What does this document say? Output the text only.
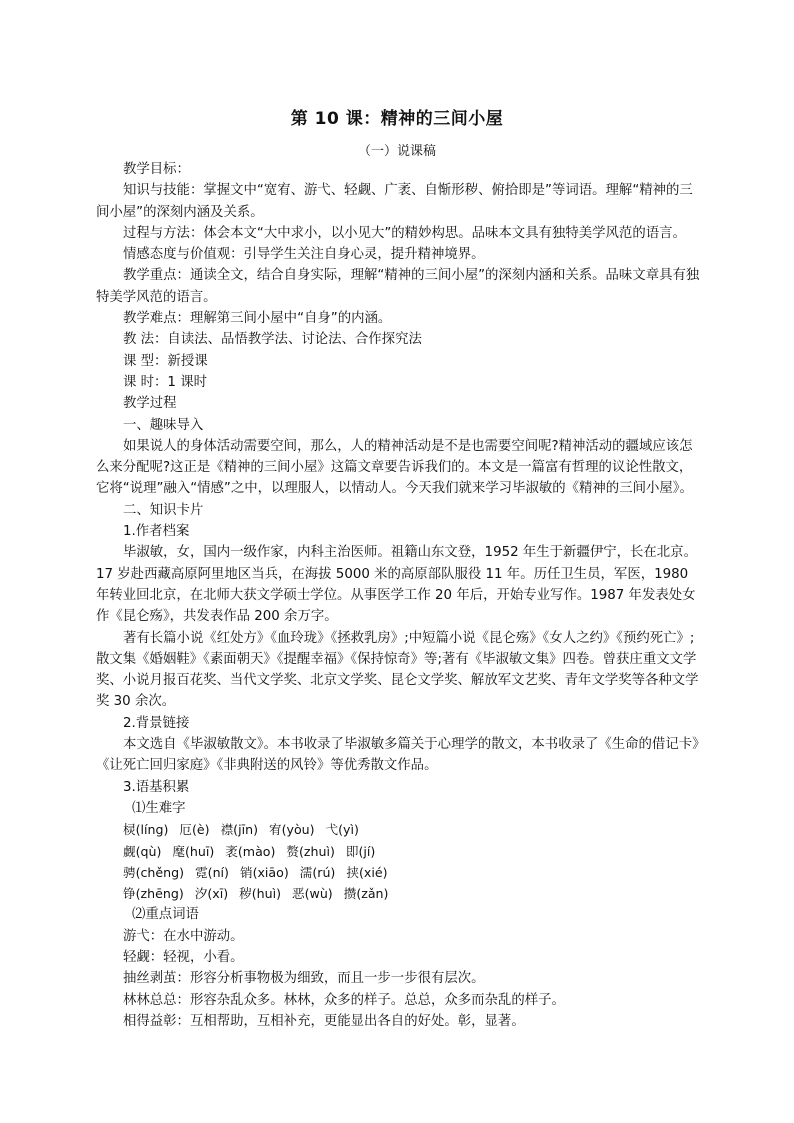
第 10 课：精神的三间小屋
（一）说课稿

教学目标：

知识与技能：掌握文中“宽宥、游弋、轻觑、广袤、自惭形秽、俯拾即是”等词语。理解“精神的三间小屋”的深刻内涵及关系。

过程与方法：体会本文“大中求小，以小见大”的精妙构思。品味本文具有独特美学风范的语言。

情感态度与价值观：引导学生关注自身心灵，提升精神境界。

教学重点：通读全文，结合自身实际，理解“精神的三间小屋”的深刻内涵和关系。品味文章具有独特美学风范的语言。

教学难点：理解第三间小屋中“自身”的内涵。

教 法：自读法、品悟教学法、讨论法、合作探究法

课 型：新授课

课 时：1 课时

教学过程

一、趣味导入

如果说人的身体活动需要空间，那么，人的精神活动是不是也需要空间呢?精神活动的疆域应该怎么来分配呢?这正是《精神的三间小屋》这篇文章要告诉我们的。本文是一篇富有哲理的议论性散文，它将“说理”融入“情感”之中，以理服人，以情动人。今天我们就来学习毕淑敏的《精神的三间小屋》。

二、知识卡片

1.作者档案

毕淑敏，女，国内一级作家，内科主治医师。祖籍山东文登，1952 年生于新疆伊宁，长在北京。17 岁赴西藏高原阿里地区当兵，在海拔 5000 米的高原部队服役 11 年。历任卫生员，军医，1980 年转业回北京，在北师大获文学硕士学位。从事医学工作 20 年后，开始专业写作。1987 年发表处女作《昆仑殇》，共发表作品 200 余万字。

著有长篇小说《红处方》《血玲珑》《拯救乳房》;中短篇小说《昆仑殇》《女人之约》《预约死亡》;散文集《婚姻鞋》《素面朝天》《提醒幸福》《保持惊奇》等;著有《毕淑敏文集》四卷。曾获庄重文文学奖、小说月报百花奖、当代文学奖、北京文学奖、昆仑文学奖、解放军文艺奖、青年文学奖等各种文学奖 30 余次。

2.背景链接

本文选自《毕淑敏散文》。本书收录了毕淑敏多篇关于心理学的散文，本书收录了《生命的借记卡》《让死亡回归家庭》《非典附送的风铃》等优秀散文作品。

3.语基积累

⑴生难字

棂(líng) 厄(è) 襟(jīn) 宥(yòu) 弋(yì)
觑(qù) 麾(huī) 袤(mào) 赘(zhuì) 即(jí)
骋(chěng) 霓(ní) 销(xiāo) 濡(rú) 挟(xié)
铮(zhēng) 汐(xī) 秽(huì) 恶(wù) 攒(zǎn)

⑵重点词语

游弋：在水中游动。

轻觑：轻视，小看。

抽丝剥茧：形容分析事物极为细致，而且一步一步很有层次。

林林总总：形容杂乱众多。林林，众多的样子。总总，众多而杂乱的样子。

相得益彰：互相帮助，互相补充，更能显出各自的好处。彰，显著。
